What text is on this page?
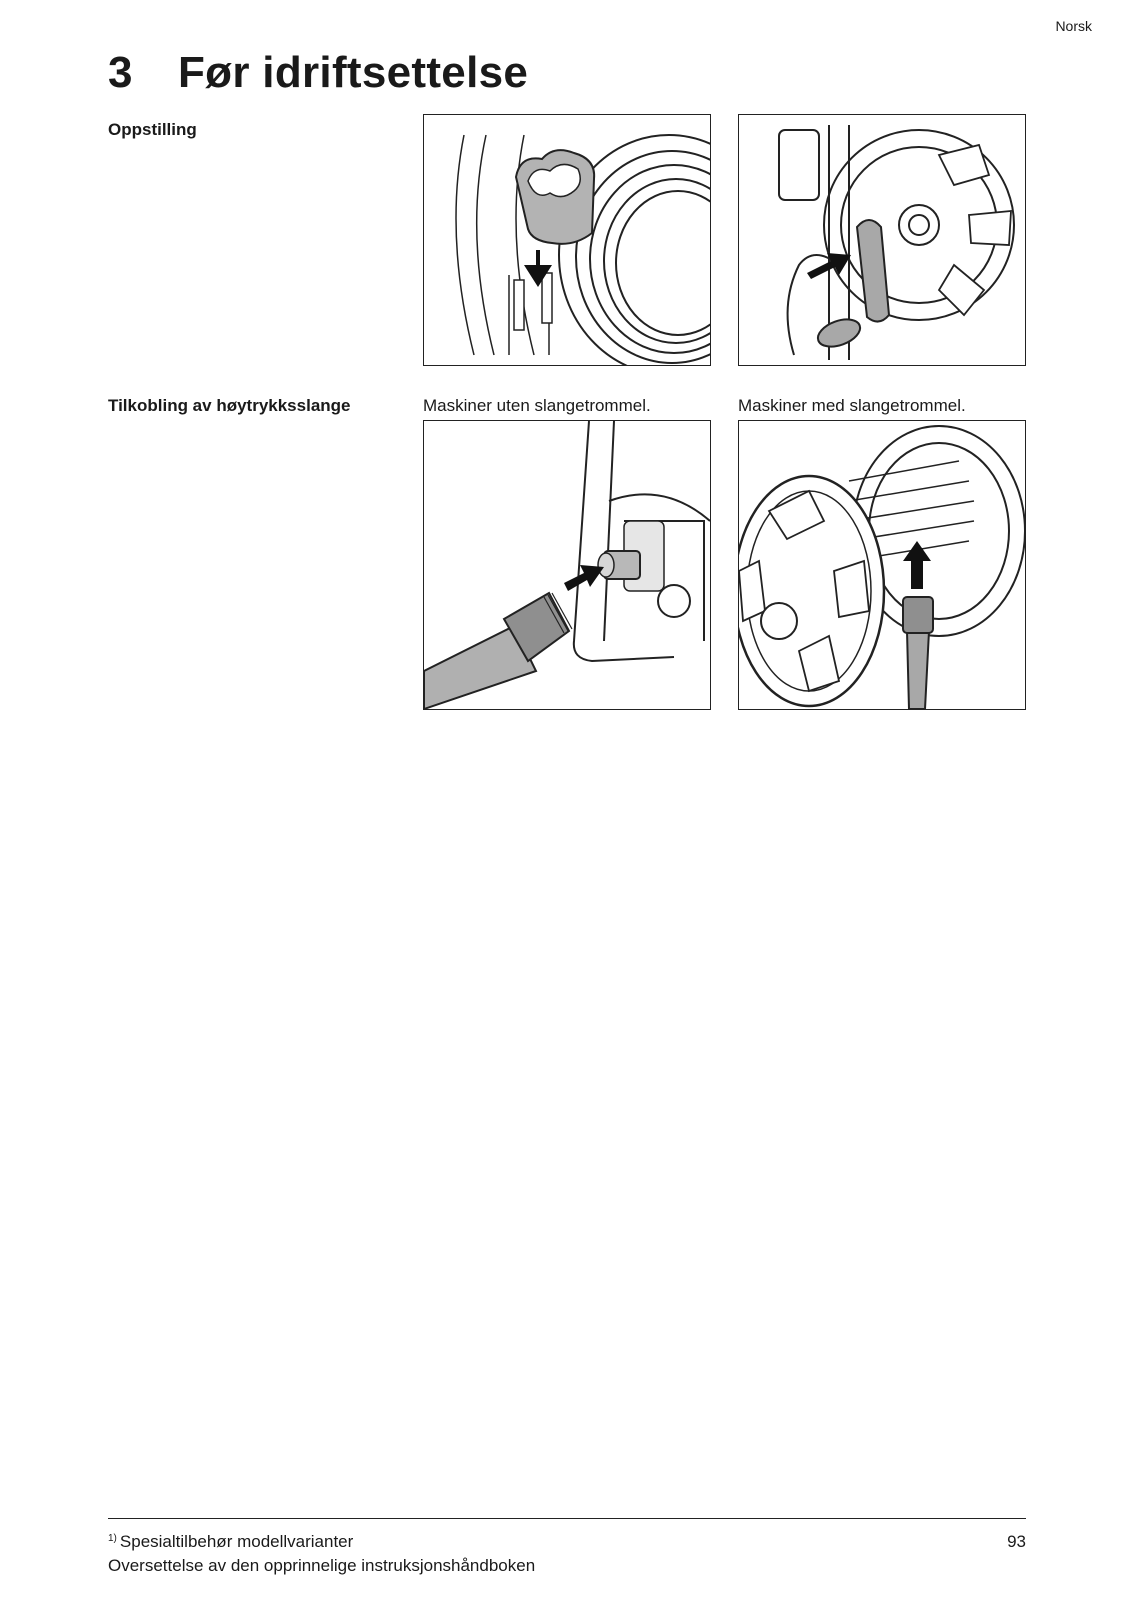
Norsk
3 Før idriftsettelse
Oppstilling
Tilkobling av høytrykksslange	Maskiner uten slangetrommel.	Maskiner med slangetrommel.
$^{1)}$ Spesialtilbehør modellvarianter
Oversettelse av den opprinnelige instruksjonshåndboken
93
